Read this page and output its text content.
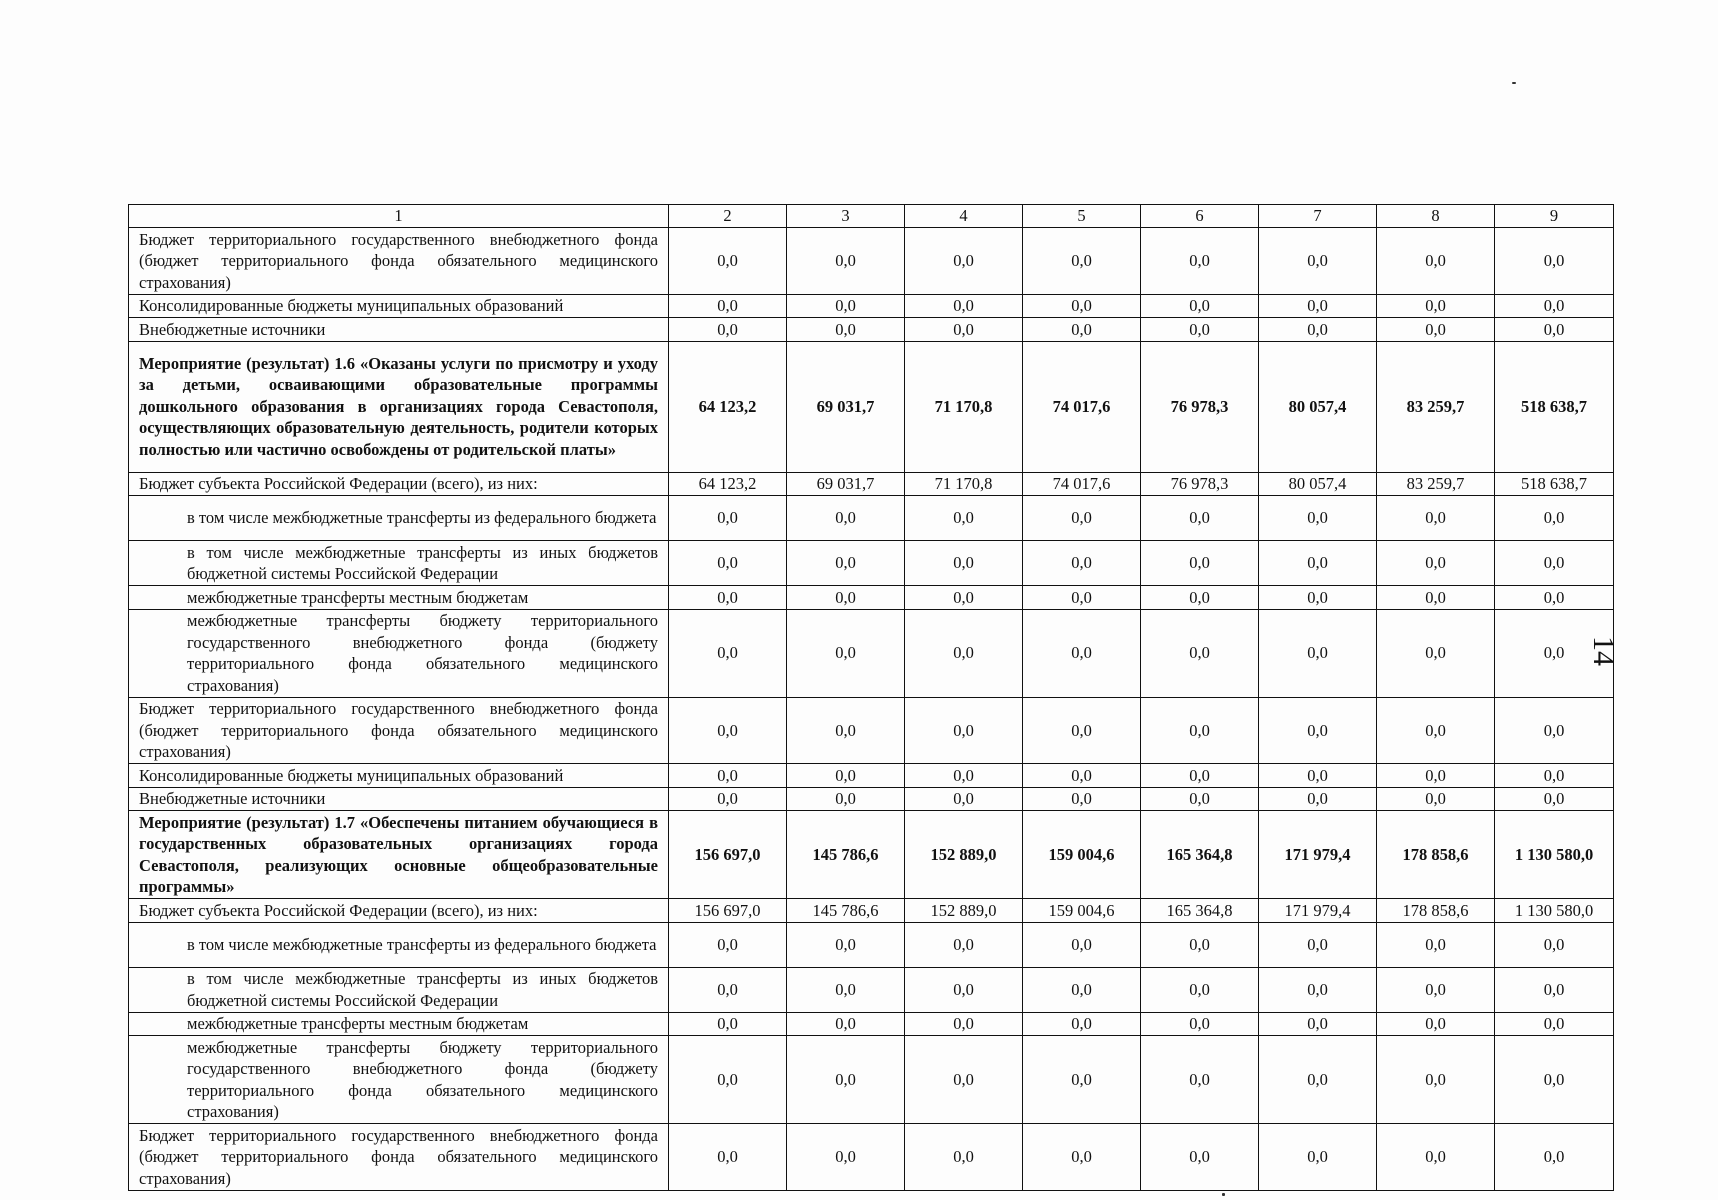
1	2	3	4	5	6	7	8	9
Бюджет территориального государственного внебюджетного фонда (бюджет территориального фонда обязательного медицинского страхования)	0,0	0,0	0,0	0,0	0,0	0,0	0,0	0,0
Консолидированные бюджеты муниципальных образований	0,0	0,0	0,0	0,0	0,0	0,0	0,0	0,0
Внебюджетные источники	0,0	0,0	0,0	0,0	0,0	0,0	0,0	0,0
Мероприятие (результат) 1.6 «Оказаны услуги по присмотру и уходу за детьми, осваивающими образовательные программы дошкольного образования в организациях города Севастополя, осуществляющих образовательную деятельность, родители которых полностью или частично освобождены от родительской платы»	64 123,2	69 031,7	71 170,8	74 017,6	76 978,3	80 057,4	83 259,7	518 638,7
Бюджет субъекта Российской Федерации (всего), из них:	64 123,2	69 031,7	71 170,8	74 017,6	76 978,3	80 057,4	83 259,7	518 638,7
в том числе межбюджетные трансферты из федерального бюджета	0,0	0,0	0,0	0,0	0,0	0,0	0,0	0,0
в том числе межбюджетные трансферты из иных бюджетов бюджетной системы Российской Федерации	0,0	0,0	0,0	0,0	0,0	0,0	0,0	0,0
межбюджетные трансферты местным бюджетам	0,0	0,0	0,0	0,0	0,0	0,0	0,0	0,0
межбюджетные трансферты бюджету территориального государственного внебюджетного фонда (бюджету территориального фонда обязательного медицинского страхования)	0,0	0,0	0,0	0,0	0,0	0,0	0,0	0,0
Бюджет территориального государственного внебюджетного фонда (бюджет территориального фонда обязательного медицинского страхования)	0,0	0,0	0,0	0,0	0,0	0,0	0,0	0,0
Консолидированные бюджеты муниципальных образований	0,0	0,0	0,0	0,0	0,0	0,0	0,0	0,0
Внебюджетные источники	0,0	0,0	0,0	0,0	0,0	0,0	0,0	0,0
Мероприятие (результат) 1.7 «Обеспечены питанием обучающиеся в государственных образовательных организациях города Севастополя, реализующих основные общеобразовательные программы»	156 697,0	145 786,6	152 889,0	159 004,6	165 364,8	171 979,4	178 858,6	1 130 580,0
Бюджет субъекта Российской Федерации (всего), из них:	156 697,0	145 786,6	152 889,0	159 004,6	165 364,8	171 979,4	178 858,6	1 130 580,0
в том числе межбюджетные трансферты из федерального бюджета	0,0	0,0	0,0	0,0	0,0	0,0	0,0	0,0
в том числе межбюджетные трансферты из иных бюджетов бюджетной системы Российской Федерации	0,0	0,0	0,0	0,0	0,0	0,0	0,0	0,0
межбюджетные трансферты местным бюджетам	0,0	0,0	0,0	0,0	0,0	0,0	0,0	0,0
межбюджетные трансферты бюджету территориального государственного внебюджетного фонда (бюджету территориального фонда обязательного медицинского страхования)	0,0	0,0	0,0	0,0	0,0	0,0	0,0	0,0
Бюджет территориального государственного внебюджетного фонда (бюджет территориального фонда обязательного медицинского страхования)	0,0	0,0	0,0	0,0	0,0	0,0	0,0	0,0
14
